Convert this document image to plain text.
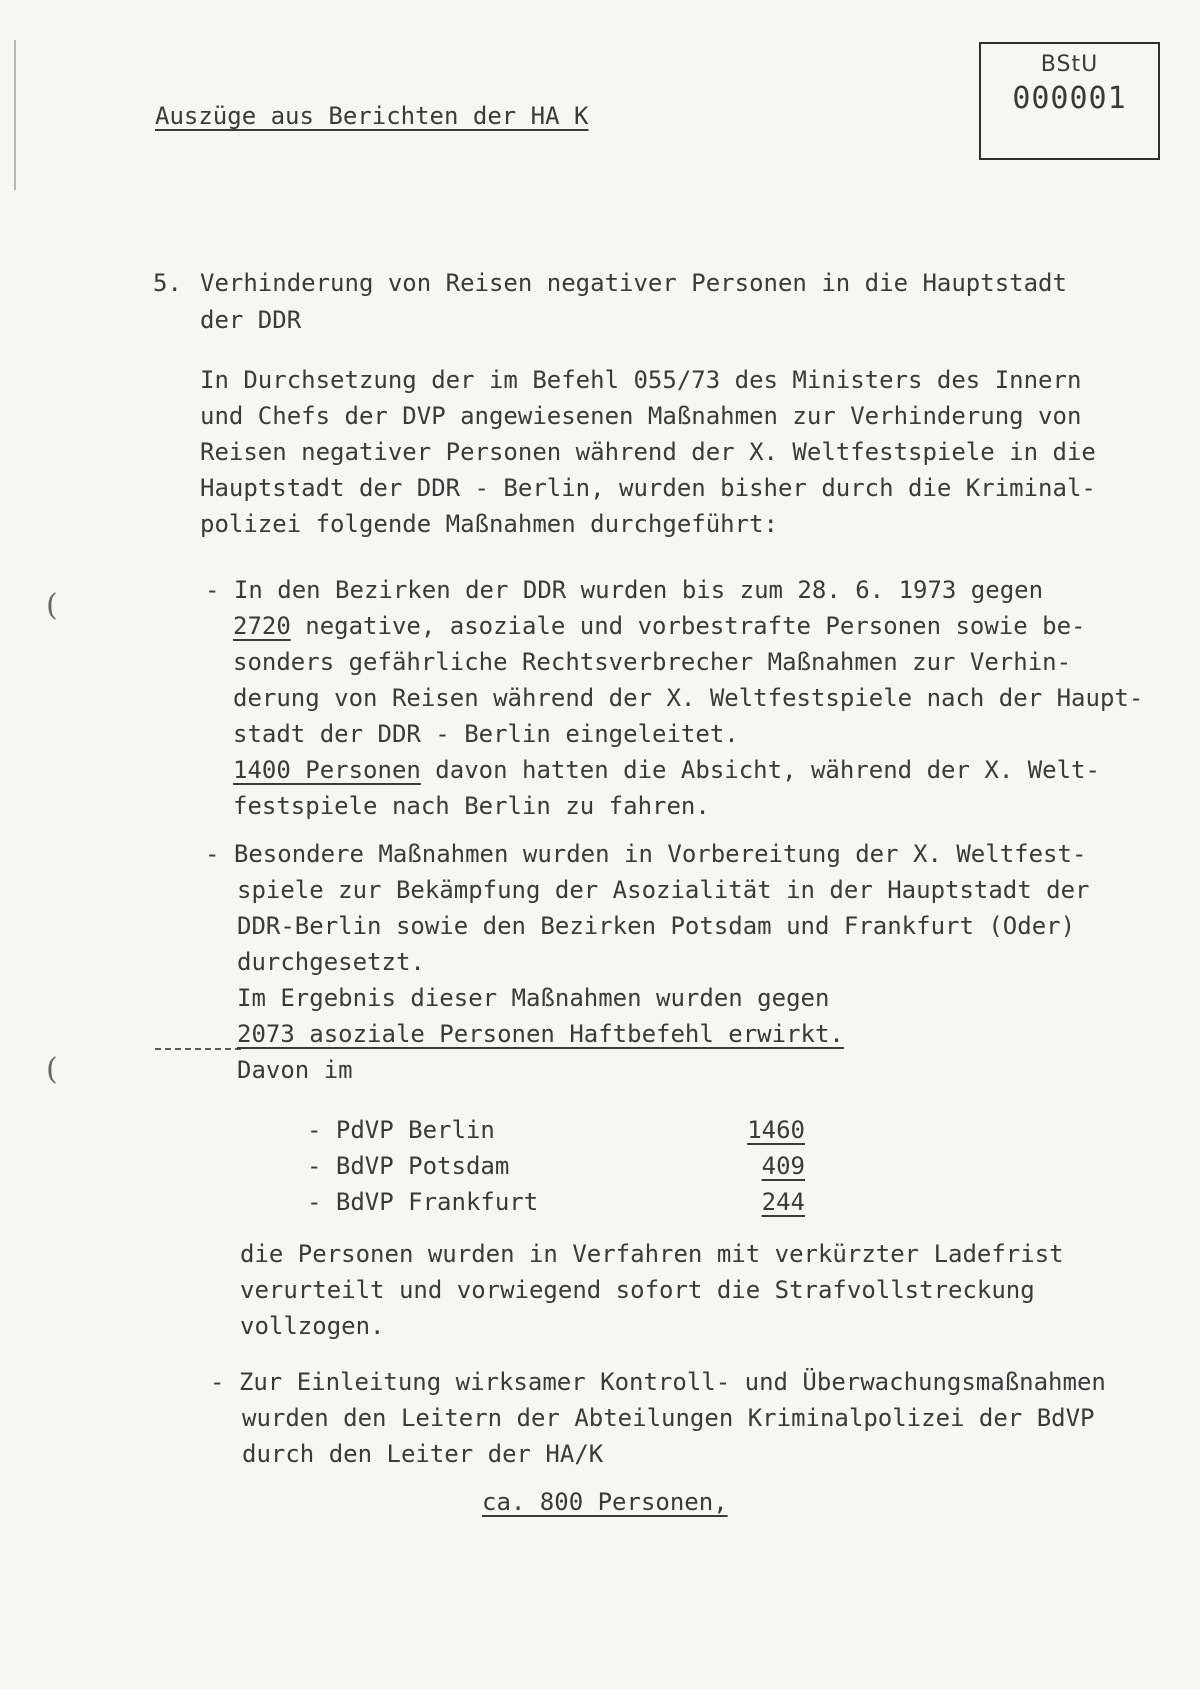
BStU
000001
Auszüge aus Berichten der HA K
5. Verhinderung von Reisen negativer Personen in die Hauptstadt
der DDR
In Durchsetzung der im Befehl 055/73 des Ministers des Innern
und Chefs der DVP angewiesenen Maßnahmen zur Verhinderung von
Reisen negativer Personen während der X. Weltfestspiele in die
Hauptstadt der DDR - Berlin, wurden bisher durch die Kriminal-
polizei folgende Maßnahmen durchgeführt:
(	- In den Bezirken der DDR wurden bis zum 28. 6. 1973 gegen
2720 negative, asoziale und vorbestrafte Personen sowie be-
sonders gefährliche Rechtsverbrecher Maßnahmen zur Verhin-
derung von Reisen während der X. Weltfestspiele nach der Haupt-
stadt der DDR - Berlin eingeleitet.
1400 Personen davon hatten die Absicht, während der X. Welt-
festspiele nach Berlin zu fahren.
- Besondere Maßnahmen wurden in Vorbereitung der X. Weltfest-
spiele zur Bekämpfung der Asozialität in der Hauptstadt der
DDR-Berlin sowie den Bezirken Potsdam und Frankfurt (Oder)
durchgesetzt.
Im Ergebnis dieser Maßnahmen wurden gegen
2073 asoziale Personen Haftbefehl erwirkt.
(	Davon im
- PdVP Berlin	1460
- BdVP Potsdam	409
- BdVP Frankfurt	244
die Personen wurden in Verfahren mit verkürzter Ladefrist
verurteilt und vorwiegend sofort die Strafvollstreckung
vollzogen.
- Zur Einleitung wirksamer Kontroll- und Überwachungsmaßnahmen
wurden den Leitern der Abteilungen Kriminalpolizei der BdVP
durch den Leiter der HA/K
ca. 800 Personen,
